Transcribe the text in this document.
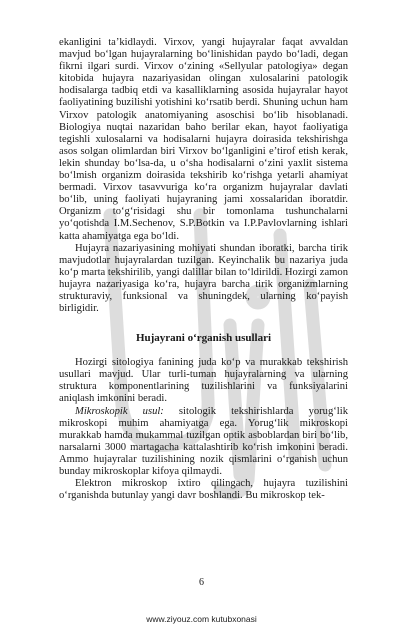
ekanligini ta’kidlaydi. Virxov, yangi hujayralar faqat avvaldan mavjud bo‘lgan hujayralarning bo‘linishidan paydo bo‘ladi, degan fikrni ilgari surdi. Virxov o‘zining «Sellyular patologiya» degan kitobida hujayra nazariyasidan olingan xulosalarini patologik hodisalarga tadbiq etdi va kasalliklarning asosida hujayralar hayot faoliyatining buzilishi yotishini ko‘rsatib berdi. Shuning uchun ham Virxov patologik anatomiyaning asoschisi bo‘lib hisoblanadi. Biologiya nuqtai nazaridan baho berilar ekan, hayot faoliyatiga tegishli xulosalarni va hodisalarni hujayra doirasida tekshirishga asos solgan olimlardan biri Virxov bo‘lganligini e’tirof etish kerak, lekin shunday bo‘lsa-da, u o‘sha hodisalarni o‘zini yaxlit sistema bo‘lmish organizm doirasida tekshirib ko‘rishga yetarli ahamiyat bermadi. Virxov tasavvuriga ko‘ra organizm hujayralar davlati bo‘lib, uning faoliyati hujayraning jami xossalaridan iboratdir. Organizm to‘g‘risidagi shu bir tomonlama tushunchalarni yo‘qotishda I.M.Sechenov, S.P.Botkin va I.P.Pavlovlarning ishlari katta ahamiyatga ega bo‘ldi.

Hujayra nazariyasining mohiyati shundan iboratki, barcha tirik mavjudotlar hujayralardan tuzilgan. Keyinchalik bu nazariya juda ko‘p marta tekshirilib, yangi dalillar bilan to‘ldirildi. Hozirgi zamon hujayra nazariyasiga ko‘ra, hujayra barcha tirik organizmlarning strukturaviy, funksional va shuningdek, ularning ko‘payish birligidir.

Hujayrani o‘rganish usullari

Hozirgi sitologiya fanining juda ko‘p va murakkab tekshirish usullari mavjud. Ular turli-tuman hujayralarning va ularning struktura komponentlarining tuzilishlarini va funksiyalarini aniqlash imkonini beradi.

Mikroskopik usul: sitologik tekshirishlarda yorug‘lik mikroskopi muhim ahamiyatga ega. Yorug‘lik mikroskopi murakkab hamda mukammal tuzilgan optik asboblardan biri bo‘lib, narsalarni 3000 martagacha kattalashtirib ko‘rish imkonini beradi. Ammo hujayralar tuzilishining nozik qismlarini o‘rganish uchun bunday mikroskoplar kifoya qilmaydi.

Elektron mikroskop ixtiro qilingach, hujayra tuzilishini o‘rganishda butunlay yangi davr boshlandi. Bu mikroskop tek-

6
www.ziyouz.com kutubxonasi
